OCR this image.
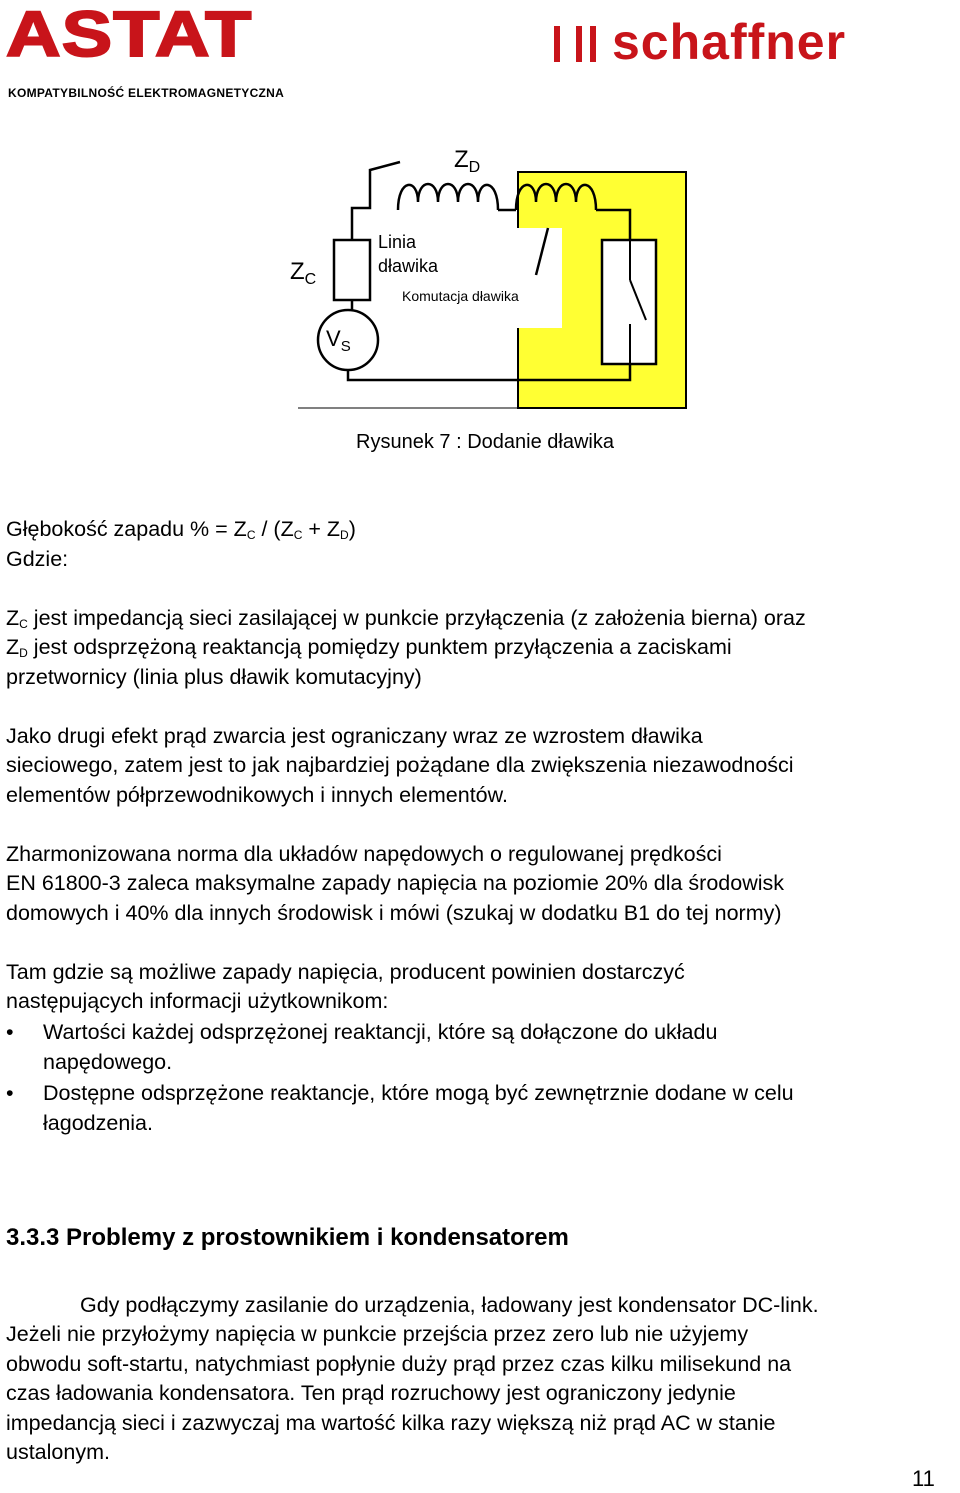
ASTAT
KOMPATYBILNOŚĆ ELEKTROMAGNETYCZNA
schaffner
$Z_D$
$Z_C$
$V_S$
Linia
dławika
Komutacja dławika
Rysunek 7 : Dodanie dławika
Głębokość zapadu % = $Z_C / (Z_C + Z_D)$
Gdzie:
$Z_C$ jest impedancją sieci zasilającej w punkcie przyłączenia (z założenia bierna) oraz
$Z_D$ jest odsprzężoną reaktancją pomiędzy punktem przyłączenia a zaciskami
przetwornicy (linia plus dławik komutacyjny)
Jako drugi efekt prąd zwarcia jest ograniczany wraz ze wzrostem dławika
sieciowego, zatem jest to jak najbardziej pożądane dla zwiększenia niezawodności
elementów półprzewodnikowych i innych elementów.
Zharmonizowana norma dla układów napędowych o regulowanej prędkości
EN 61800-3 zaleca maksymalne zapady napięcia na poziomie 20% dla środowisk
domowych i 40% dla innych środowisk i mówi (szukaj w dodatku B1 do tej normy)
Tam gdzie są możliwe zapady napięcia, producent powinien dostarczyć
następujących informacji użytkownikom:
• Wartości każdej odsprzężonej reaktancji, które są dołączone do układu
napędowego.
• Dostępne odsprzężone reaktancje, które mogą być zewnętrznie dodane w celu
łagodzenia.
3.3.3 Problemy z prostownikiem i kondensatorem
Gdy podłączymy zasilanie do urządzenia, ładowany jest kondensator DC-link.
Jeżeli nie przyłożymy napięcia w punkcie przejścia przez zero lub nie użyjemy
obwodu soft-startu, natychmiast popłynie duży prąd przez czas kilku milisekund na
czas ładowania kondensatora. Ten prąd rozruchowy jest ograniczony jedynie
impedancją sieci i zazwyczaj ma wartość kilka razy większą niż prąd AC w stanie
ustalonym.
11
